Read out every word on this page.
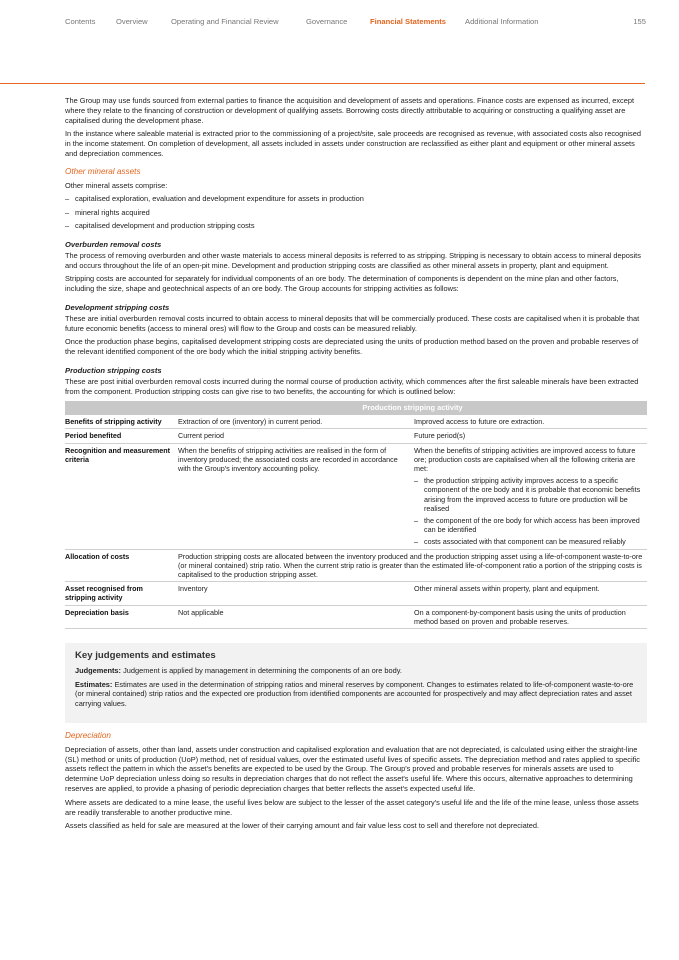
Contents	Overview	Operating and Financial Review	Governance	Financial Statements	Additional Information	155

The Group may use funds sourced from external parties to finance the acquisition and development of assets and operations. Finance costs are expensed as incurred, except where they relate to the financing of construction or development of qualifying assets. Borrowing costs directly attributable to acquiring or constructing a qualifying asset are capitalised during the development phase.

In the instance where saleable material is extracted prior to the commissioning of a project/site, sale proceeds are recognised as revenue, with associated costs also recognised in the income statement. On completion of development, all assets included in assets under construction are reclassified as either plant and equipment or other mineral assets and depreciation commences.

Other mineral assets

Other mineral assets comprise:

– capitalised exploration, evaluation and development expenditure for assets in production
– mineral rights acquired
– capitalised development and production stripping costs
Overburden removal costs

The process of removing overburden and other waste materials to access mineral deposits is referred to as stripping. Stripping is necessary to obtain access to mineral deposits and occurs throughout the life of an open-pit mine. Development and production stripping costs are classified as other mineral assets in property, plant and equipment.

Stripping costs are accounted for separately for individual components of an ore body. The determination of components is dependent on the mine plan and other factors, including the size, shape and geotechnical aspects of an ore body. The Group accounts for stripping activities as follows:

Development stripping costs

These are initial overburden removal costs incurred to obtain access to mineral deposits that will be commercially produced. These costs are capitalised when it is probable that future economic benefits (access to mineral ores) will flow to the Group and costs can be measured reliably.

Once the production phase begins, capitalised development stripping costs are depreciated using the units of production method based on the proven and probable reserves of the relevant identified component of the ore body which the initial stripping activity benefits.

Production stripping costs

These are post initial overburden removal costs incurred during the normal course of production activity, which commences after the first saleable minerals have been extracted from the component. Production stripping costs can give rise to two benefits, the accounting for which is outlined below:

	Production stripping activity	
Benefits of stripping activity	Extraction of ore (inventory) in current period.	Improved access to future ore extraction.
Period benefited	Current period	Future period(s)
Recognition and measurement criteria	When the benefits of stripping activities are realised in the form of inventory produced; the associated costs are recorded in accordance with the Group's inventory accounting policy.	When the benefits of stripping activities are improved access to future ore; production costs are capitalised when all the following criteria are met:
– the production stripping activity improves access to a specific component of the ore body and it is probable that economic benefits arising from the improved access to future ore production will be realised
– the component of the ore body for which access has been improved can be identified
– costs associated with that component can be measured reliably

Allocation of costs	Production stripping costs are allocated between the inventory produced and the production stripping asset using a life-of-component waste-to-ore (or mineral contained) strip ratio. When the current strip ratio is greater than the estimated life-of-component ratio a portion of the stripping costs is capitalised to the production stripping asset.	
Asset recognised from stripping activity	Inventory	Other mineral assets within property, plant and equipment.
Depreciation basis	Not applicable	On a component-by-component basis using the units of production method based on proven and probable reserves.
Key judgements and estimates

Judgements: Judgement is applied by management in determining the components of an ore body.

Estimates: Estimates are used in the determination of stripping ratios and mineral reserves by component. Changes to estimates related to life-of-component waste-to-ore (or mineral contained) strip ratios and the expected ore production from identified components are accounted for prospectively and may affect depreciation rates and asset carrying values.

Depreciation

Depreciation of assets, other than land, assets under construction and capitalised exploration and evaluation that are not depreciated, is calculated using either the straight-line (SL) method or units of production (UoP) method, net of residual values, over the estimated useful lives of specific assets. The depreciation method and rates applied to specific assets reflect the pattern in which the asset's benefits are expected to be used by the Group. The Group's proved and probable reserves for minerals assets are used to determine UoP depreciation unless doing so results in depreciation charges that do not reflect the asset's useful life. Where this occurs, alternative approaches to determining reserves are applied, to provide a phasing of periodic depreciation charges that better reflects the asset's expected useful life.

Where assets are dedicated to a mine lease, the useful lives below are subject to the lesser of the asset category's useful life and the life of the mine lease, unless those assets are readily transferable to another productive mine.

Assets classified as held for sale are measured at the lower of their carrying amount and fair value less cost to sell and therefore not depreciated.
